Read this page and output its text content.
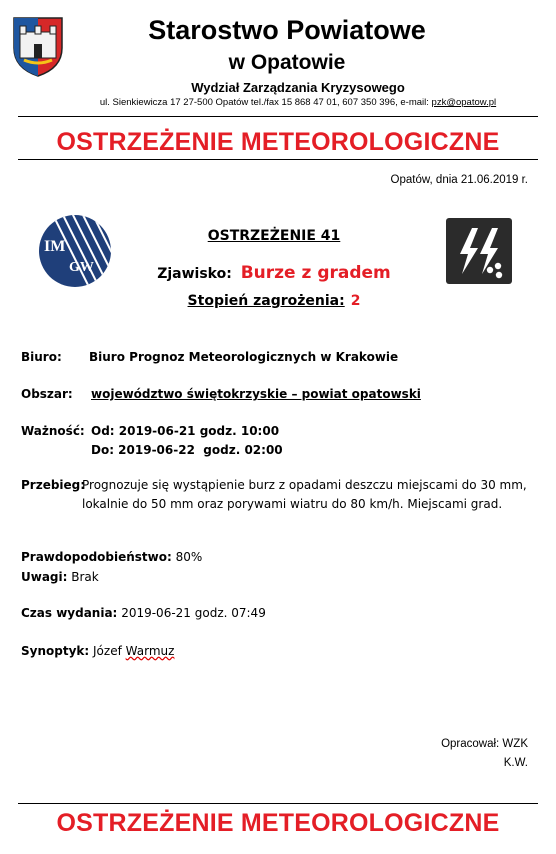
Starostwo Powiatowe
w Opatowie
Wydział Zarządzania Kryzysowego
ul. Sienkiewicza 17 27-500 Opatów tel./fax 15 868 47 01, 607 350 396, e-mail: pzk@opatow.pl
OSTRZEŻENIE METEOROLOGICZNE
Opatów, dnia 21.06.2019 r.
IM
GW
OSTRZEŻENIE 41
Zjawisko: Burze z gradem
Stopień zagrożenia: 2
Biuro: Biuro Prognoz Meteorologicznych w Krakowie
Obszar: województwo świętokrzyskie – powiat opatowski
Ważność: Od: 2019-06-21 godz. 10:00
Do: 2019-06-22  godz. 02:00
Przebieg:
Prognozuje się wystąpienie burz z opadami deszczu miejscami do 30 mm,
lokalnie do 50 mm oraz porywami wiatru do 80 km/h. Miejscami grad.
Prawdopodobieństwo: 80%
Uwagi: Brak
Czas wydania: 2019-06-21 godz. 07:49
Synoptyk: Józef Warmuz
Opracował: WZK
K.W.
OSTRZEŻENIE METEOROLOGICZNE
